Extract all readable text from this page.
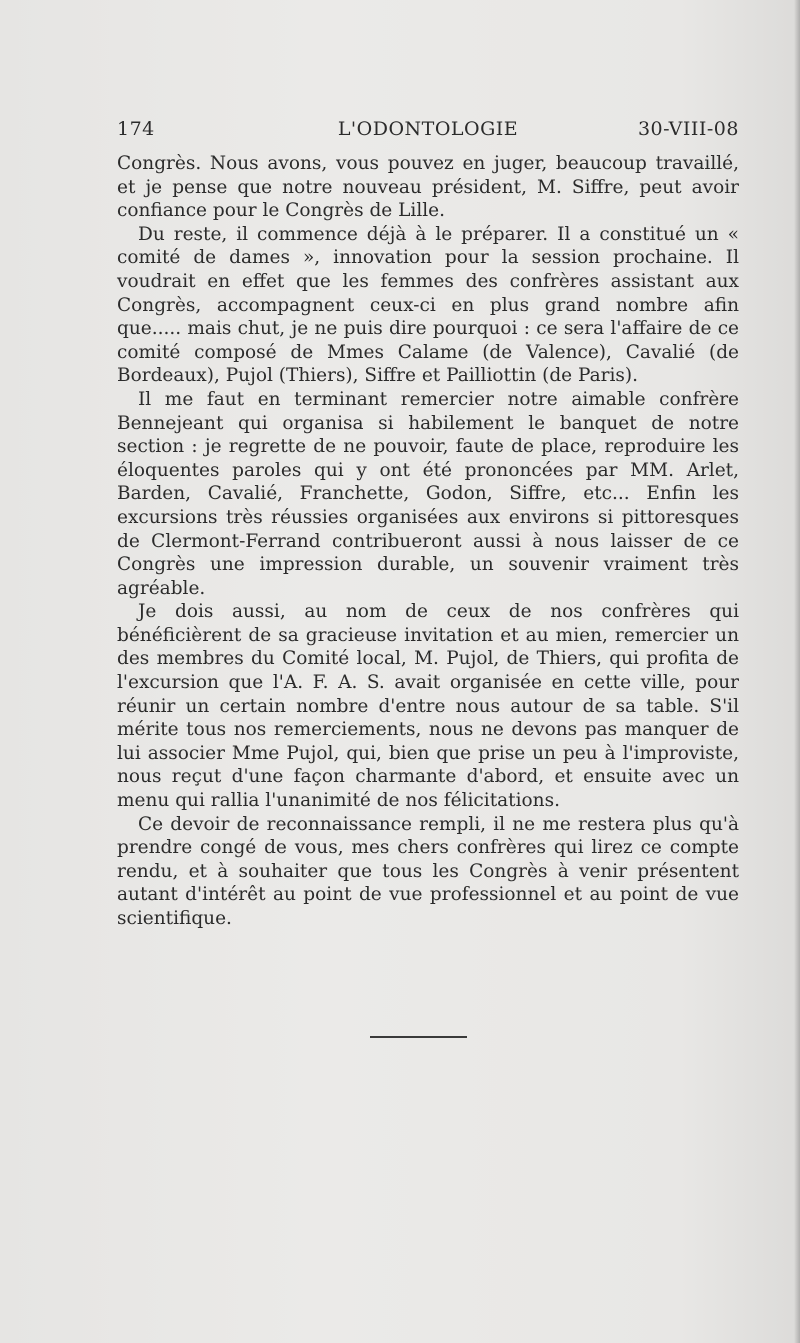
174	L'ODONTOLOGIE	30-VIII-08

Congrès. Nous avons, vous pouvez en juger, beaucoup travaillé, et je pense que notre nouveau président, M. Siffre, peut avoir confiance pour le Congrès de Lille.

Du reste, il commence déjà à le préparer. Il a constitué un « comité de dames », innovation pour la session prochaine. Il voudrait en effet que les femmes des confrères assistant aux Congrès, accompagnent ceux-ci en plus grand nombre afin que..... mais chut, je ne puis dire pourquoi : ce sera l'affaire de ce comité composé de Mmes Calame (de Valence), Cavalié (de Bordeaux), Pujol (Thiers), Siffre et Pailliottin (de Paris).

Il me faut en terminant remercier notre aimable confrère Bennejeant qui organisa si habilement le banquet de notre section : je regrette de ne pouvoir, faute de place, reproduire les éloquentes paroles qui y ont été prononcées par MM. Arlet, Barden, Cavalié, Franchette, Godon, Siffre, etc... Enfin les excursions très réussies organisées aux environs si pittoresques de Clermont-Ferrand contribueront aussi à nous laisser de ce Congrès une impression durable, un souvenir vraiment très agréable.

Je dois aussi, au nom de ceux de nos confrères qui bénéficièrent de sa gracieuse invitation et au mien, remercier un des membres du Comité local, M. Pujol, de Thiers, qui profita de l'excursion que l'A. F. A. S. avait organisée en cette ville, pour réunir un certain nombre d'entre nous autour de sa table. S'il mérite tous nos remerciements, nous ne devons pas manquer de lui associer Mme Pujol, qui, bien que prise un peu à l'improviste, nous reçut d'une façon charmante d'abord, et ensuite avec un menu qui rallia l'unanimité de nos félicitations.

Ce devoir de reconnaissance rempli, il ne me restera plus qu'à prendre congé de vous, mes chers confrères qui lirez ce compte rendu, et à souhaiter que tous les Congrès à venir présentent autant d'intérêt au point de vue professionnel et au point de vue scientifique.
